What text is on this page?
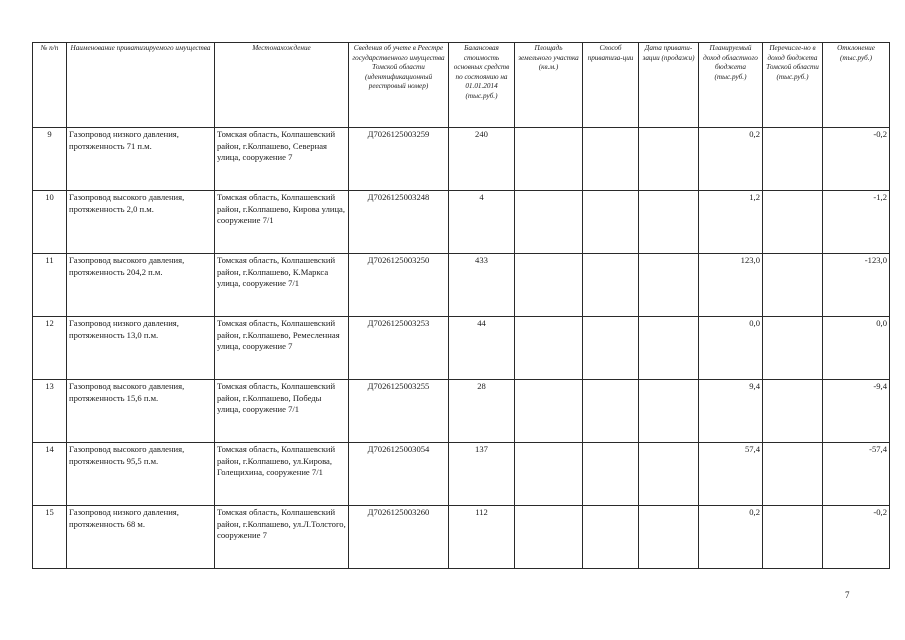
№ п/п	Наименование приватизируемого имущества	Местонахождение	Сведения об учете в Реестре государственного имущества Томской области (идентификационный реестровый номер)	Балансовая стоимость основных средств по состоянию на 01.01.2014 (тыс.руб.)	Площадь земельного участка (кв.м.)	Способ приватиза-ции	Дата привати-зации (продажи)	Планируемый доход областного бюджета (тыс.руб.)	Перечисле-но в доход бюджета Томской области (тыс.руб.)	Отклонение (тыс.руб.)
9	Газопровод низкого давления, протяженность 71 п.м.	Томская область, Колпашевский район, г.Колпашево, Северная улица, сооружение 7	Д7026125003259	240				0,2		-0,2
10	Газопровод высокого давления, протяженность 2,0 п.м.	Томская область, Колпашевский район, г.Колпашево, Кирова улица, сооружение 7/1	Д7026125003248	4				1,2		-1,2
11	Газопровод высокого давления, протяженность 204,2 п.м.	Томская область, Колпашевский район, г.Колпашево, К.Маркса улица, сооружение 7/1	Д7026125003250	433				123,0		-123,0
12	Газопровод низкого давления, протяженность 13,0 п.м.	Томская область, Колпашевский район, г.Колпашево, Ремесленная улица, сооружение 7	Д7026125003253	44				0,0		0,0
13	Газопровод высокого давления, протяженность 15,6 п.м.	Томская область, Колпашевский район, г.Колпашево, Победы улица, сооружение 7/1	Д7026125003255	28				9,4		-9,4
14	Газопровод высокого давления, протяженность 95,5 п.м.	Томская область, Колпашевский район, г.Колпашево, ул.Кирова, Голещихина, сооружение 7/1	Д7026125003054	137				57,4		-57,4
15	Газопровод низкого давления, протяженность 68 м.	Томская область, Колпашевский район, г.Колпашево, ул.Л.Толстого, сооружение 7	Д7026125003260	112				0,2		-0,2
7
